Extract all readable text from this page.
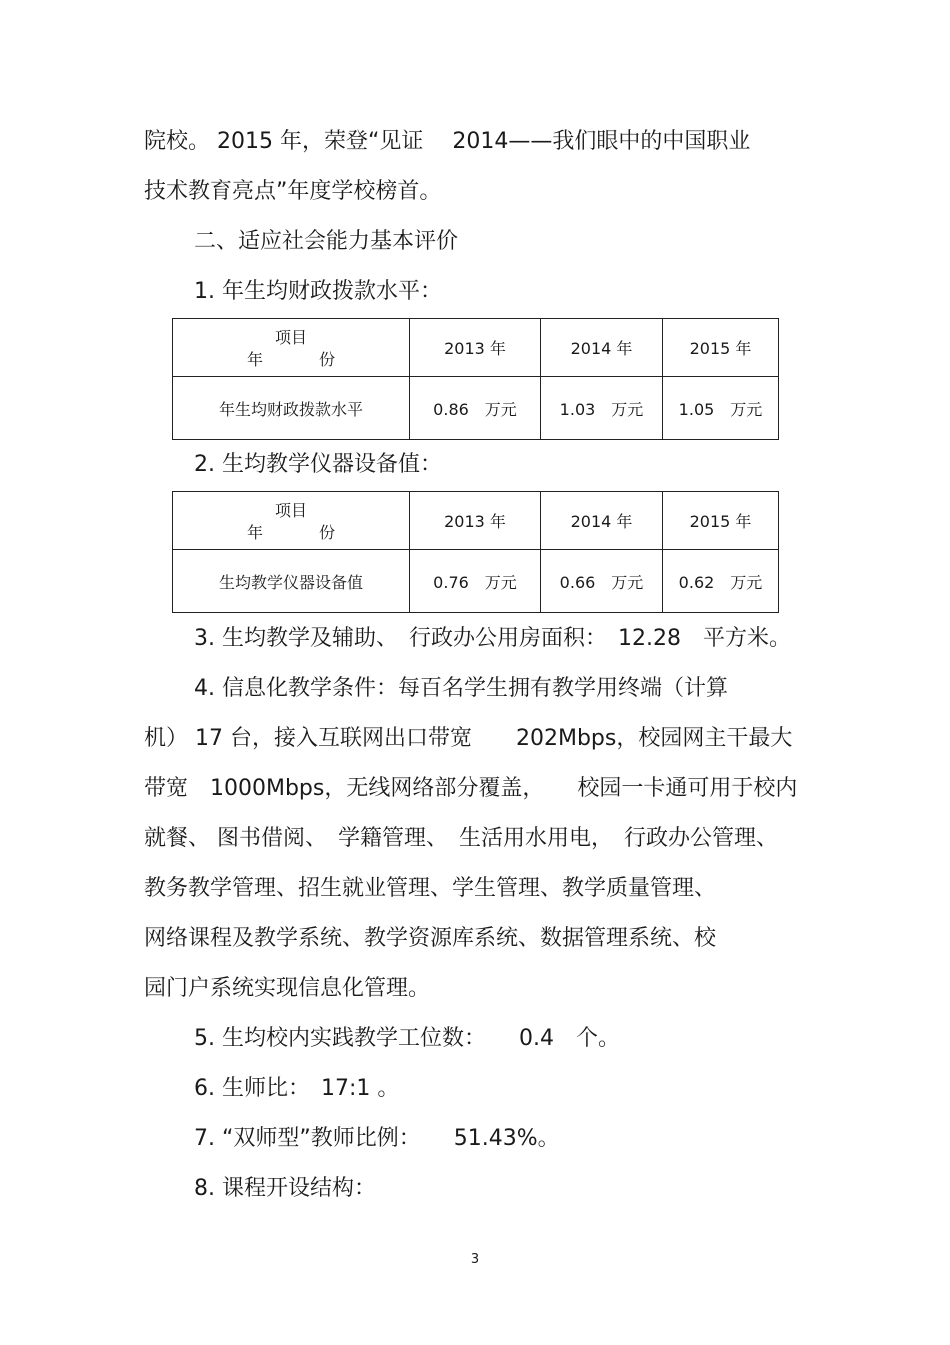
院校。 2015 年，荣登“见证　 2014——我们眼中的中国职业
技术教育亮点”年度学校榜首。
二、适应社会能力基本评价
1. 年生均财政拨款水平：
项目
年 份	2013 年	2014 年	2015 年
年生均财政拨款水平	0.86　万元	1.03　万元	1.05　万元
2. 生均教学仪器设备值：
项目
年 份	2013 年	2014 年	2015 年
生均教学仪器设备值	0.76　万元	0.66　万元	0.62　万元
3. 生均教学及辅助、　行政办公用房面积：　12.28　平方米。
4. 信息化教学条件：每百名学生拥有教学用终端（计算
机） 17 台，接入互联网出口带宽　　202Mbps，校园网主干最大
带宽　1000Mbps，无线网络部分覆盖，　　校园一卡通可用于校内
就餐、 图书借阅、　学籍管理、　生活用水用电，　行政办公管理、
教务教学管理、招生就业管理、学生管理、教学质量管理、
网络课程及教学系统、教学资源库系统、数据管理系统、校
园门户系统实现信息化管理。
5. 生均校内实践教学工位数：　　0.4　个。
6. 生师比：　17:1 。
7. “双师型”教师比例：　　51.43%。
8. 课程开设结构：
3
